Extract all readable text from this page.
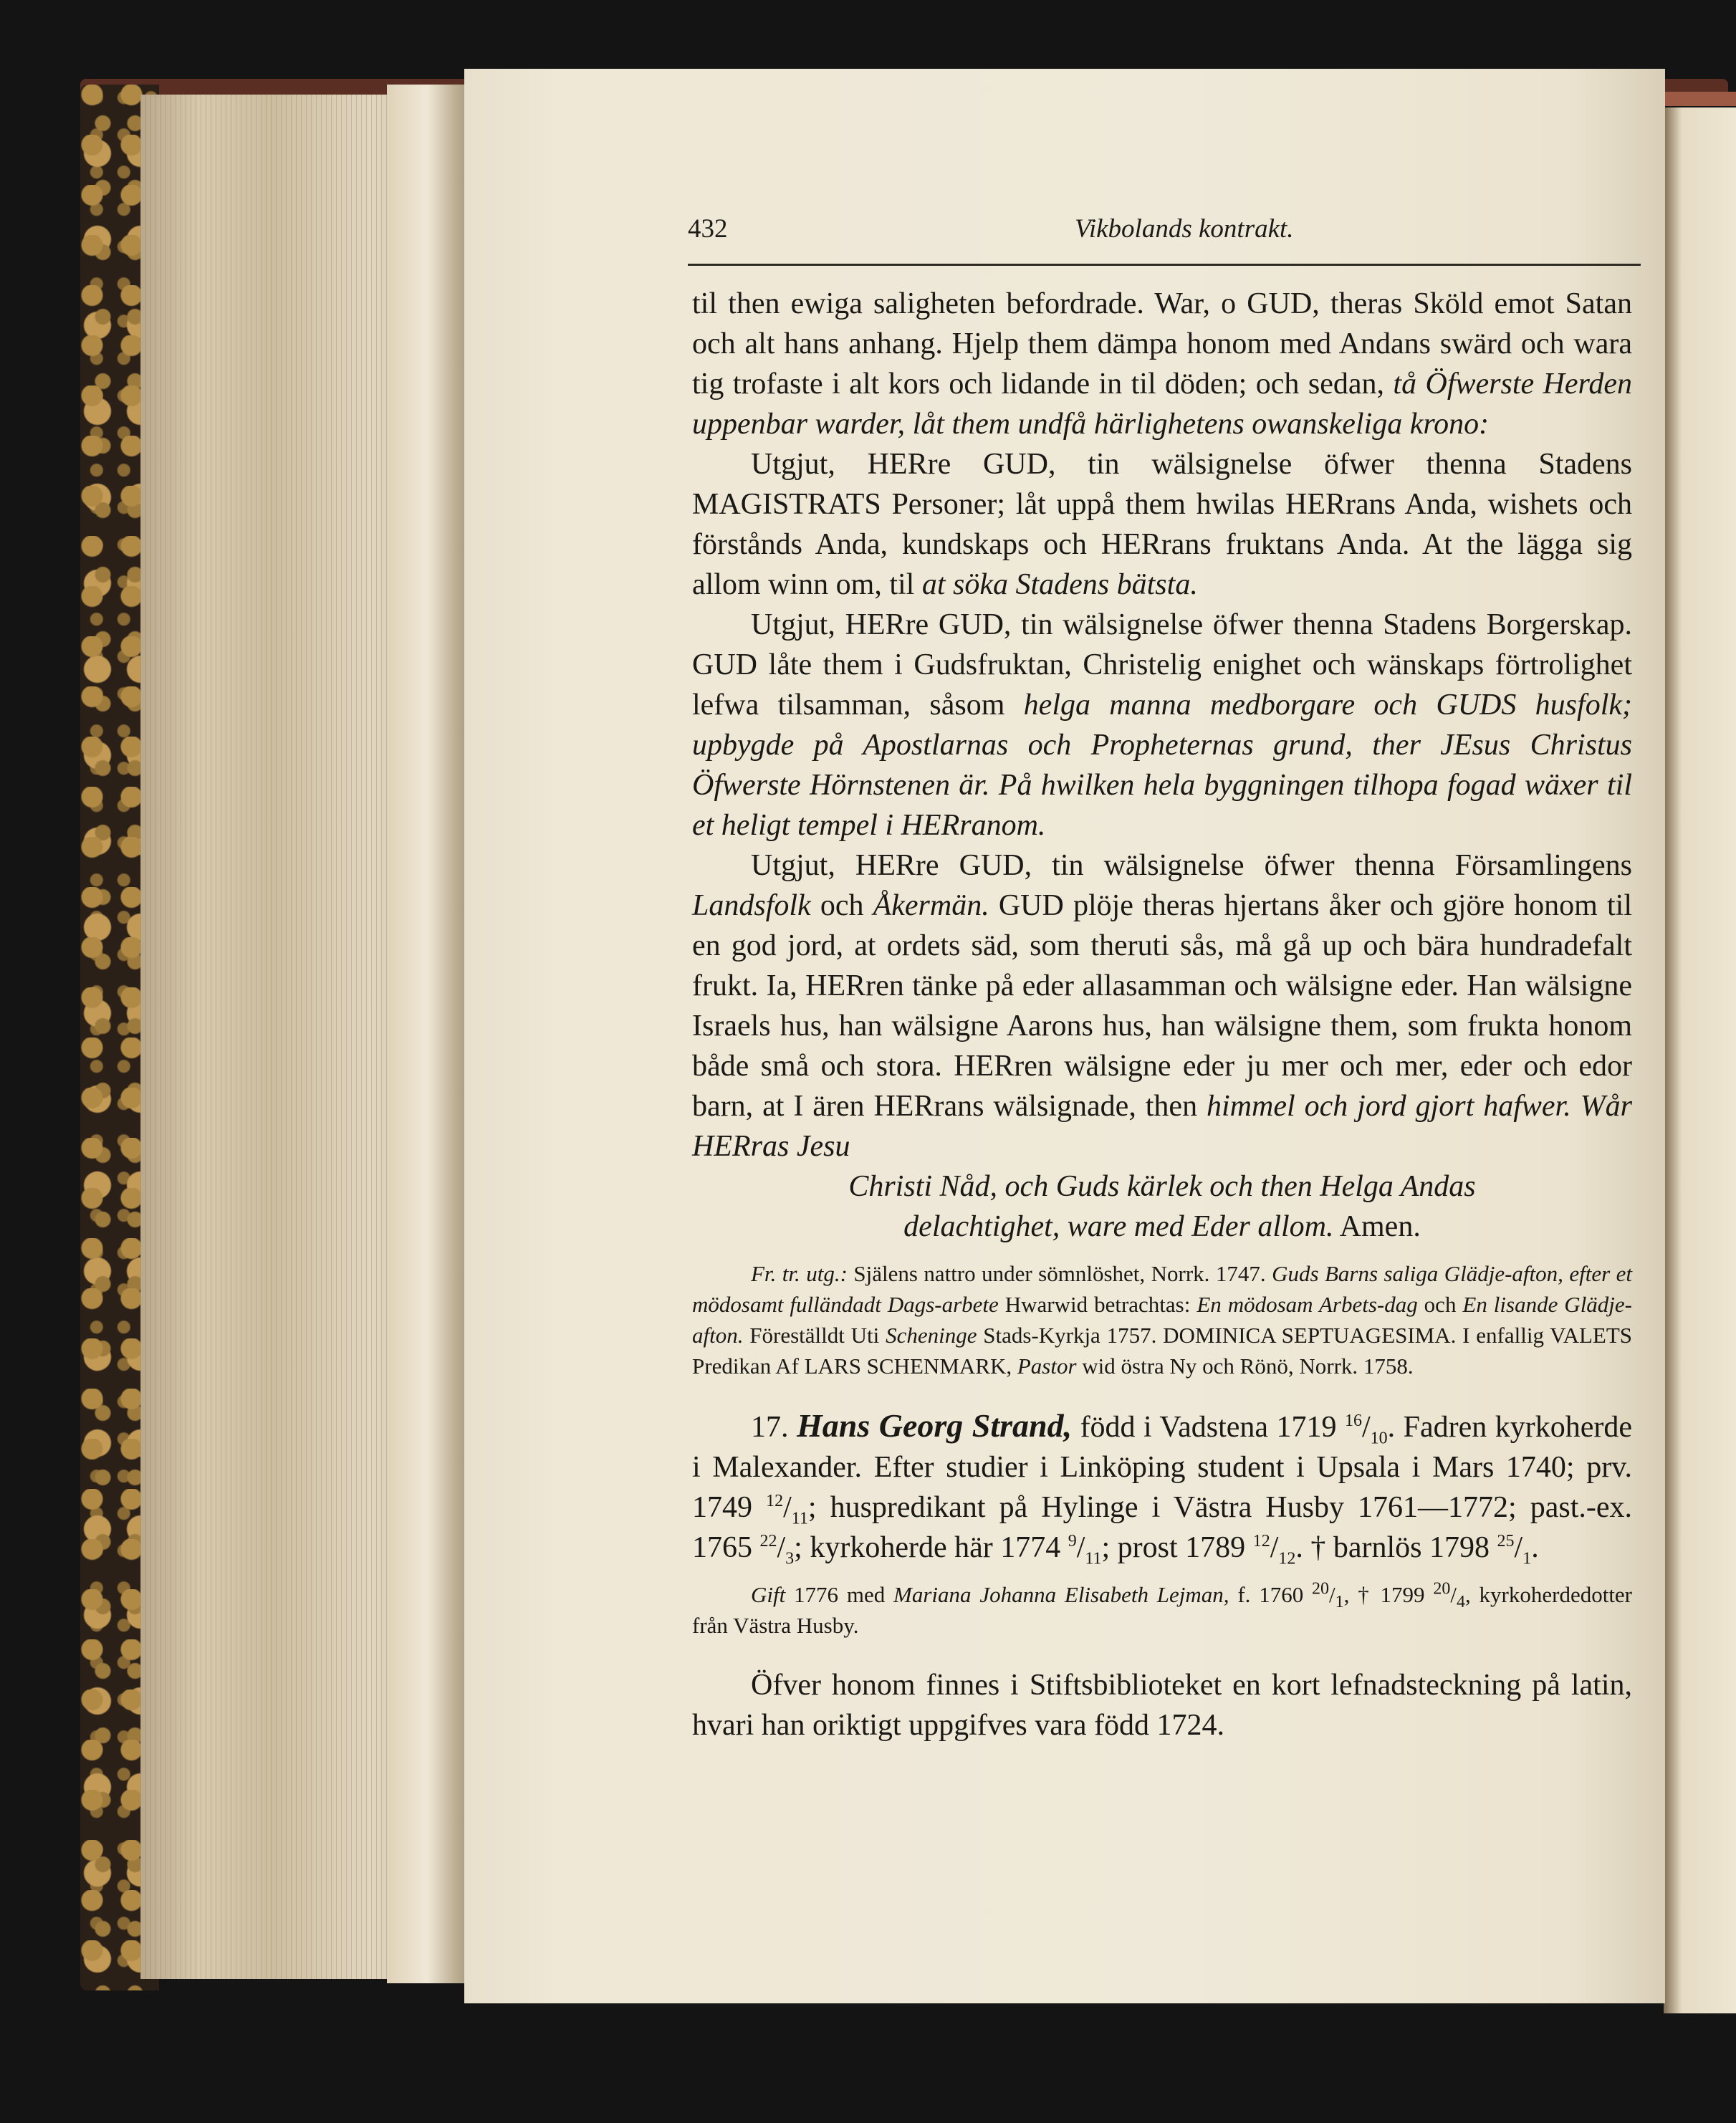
432	Vikbolands kontrakt.

til then ewiga saligheten befordrade. War, o GUD, theras Sköld emot Satan och alt hans anhang. Hjelp them dämpa honom med Andans swärd och wara tig trofaste i alt kors och lidande in til döden; och sedan, tå Öfwerste Herden uppenbar warder, låt them undfå härlighetens owanskeliga krono:

Utgjut, HERre GUD, tin wälsignelse öfwer thenna Stadens MAGISTRATS Personer; låt uppå them hwilas HERrans Anda, wishets och förstånds Anda, kundskaps och HERrans fruktans Anda. At the lägga sig allom winn om, til at söka Stadens bätsta.

Utgjut, HERre GUD, tin wälsignelse öfwer thenna Stadens Borgerskap. GUD låte them i Gudsfruktan, Christelig enighet och wänskaps förtrolighet lefwa tilsamman, såsom helga manna medborgare och GUDS husfolk; upbygde på Apostlarnas och Propheternas grund, ther JEsus Christus Öfwerste Hörnstenen är. På hwilken hela byggningen tilhopa fogad wäxer til et heligt tempel i HERranom.

Utgjut, HERre GUD, tin wälsignelse öfwer thenna Församlingens Landsfolk och Åkermän. GUD plöje theras hjertans åker och gjöre honom til en god jord, at ordets säd, som theruti sås, må gå up och bära hundradefalt frukt. Ia, HERren tänke på eder allasamman och wälsigne eder. Han wälsigne Israels hus, han wälsigne Aarons hus, han wälsigne them, som frukta honom både små och stora. HERren wälsigne eder ju mer och mer, eder och edor barn, at I ären HERrans wälsignade, then himmel och jord gjort hafwer. Wår HERras Jesu

Christi Nåd, och Guds kärlek och then Helga Andas

delachtighet, ware med Eder allom. Amen.

Fr. tr. utg.: Själens nattro under sömnlöshet, Norrk. 1747. Guds Barns saliga Glädje-afton, efter et mödosamt fulländadt Dags-arbete Hwarwid betrachtas: En mödosam Arbets-dag och En lisande Glädje-afton. Föreställdt Uti Scheninge Stads-Kyrkja 1757. DOMINICA SEPTUAGESIMA. I enfallig VALETS Predikan Af LARS SCHENMARK, Pastor wid östra Ny och Rönö, Norrk. 1758.

17. Hans Georg Strand, född i Vadstena 1719 $^{16}/_{10}$. Fadren kyrkoherde i Malexander. Efter studier i Linköping student i Upsala i Mars 1740; prv. 1749 $^{12}/_{11}$; huspredikant på Hylinge i Västra Husby 1761—1772; past.-ex. 1765 $^{22}/_3$; kyrkoherde här 1774 $^9/_{11}$; prost 1789 $^{12}/_{12}$. † barnlös 1798 $^{25}/_1$.

Gift 1776 med Mariana Johanna Elisabeth Lejman, f. 1760 $^{20}/_1$, † 1799 $^{20}/_4$, kyrkoherdedotter från Västra Husby.

Öfver honom finnes i Stiftsbiblioteket en kort lefnadsteckning på latin, hvari han oriktigt uppgifves vara född 1724.
